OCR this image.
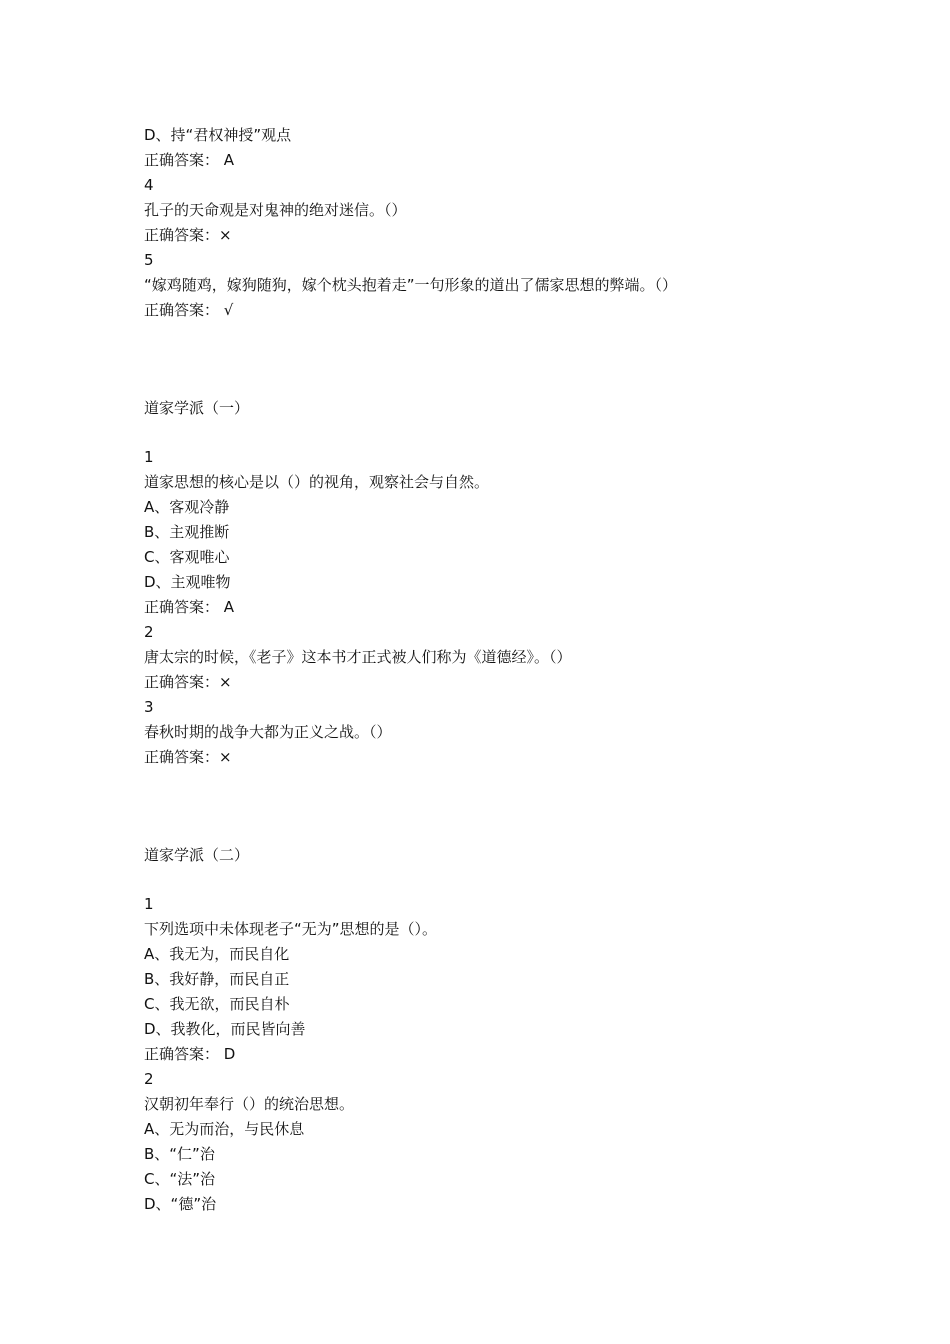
D、持“君权神授”观点
正确答案： A
4
孔子的天命观是对鬼神的绝对迷信。（）
正确答案：×
5
“嫁鸡随鸡，嫁狗随狗，嫁个枕头抱着走”一句形象的道出了儒家思想的弊端。（）
正确答案： √
道家学派（一）
1
道家思想的核心是以（）的视角，观察社会与自然。
A、客观冷静
B、主观推断
C、客观唯心
D、主观唯物
正确答案： A
2
唐太宗的时候，《老子》这本书才正式被人们称为《道德经》。（）
正确答案：×
3
春秋时期的战争大都为正义之战。（）
正确答案：×
道家学派（二）
1
下列选项中未体现老子“无为”思想的是（）。
A、我无为，而民自化
B、我好静，而民自正
C、我无欲，而民自朴
D、我教化，而民皆向善
正确答案： D
2
汉朝初年奉行（）的统治思想。
A、无为而治，与民休息
B、“仁”治
C、“法”治
D、“德”治
